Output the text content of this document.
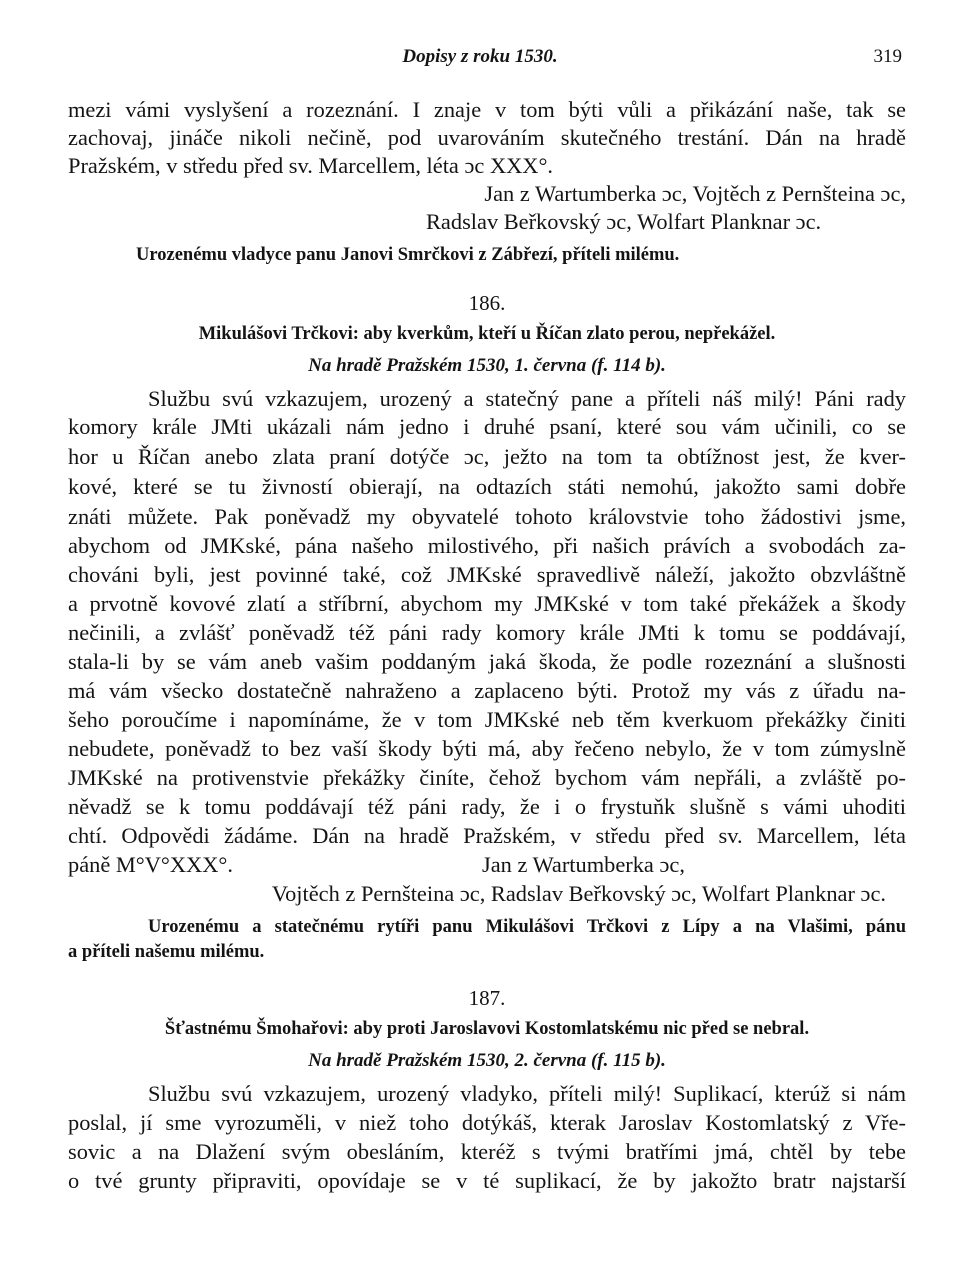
Dopisy z roku 1530.	319
mezi vámi vyslyšení a rozeznání. I znaje v tom býti vůli a přikázání naše, tak se
zachovaj, jináče nikoli nečině, pod uvarováním skutečného trestání. Dán na hradě
Pražském, v středu před sv. Marcellem, léta ɔc XXX°.
Jan z Wartumberka ɔc, Vojtěch z Pernšteina ɔc,
Radslav Beřkovský ɔc, Wolfart Planknar ɔc.
Urozenému vladyce panu Janovi Smrčkovi z Zábřezí, příteli milému.
186.
Mikulášovi Trčkovi: aby kverkům, kteří u Říčan zlato perou, nepřekážel.
Na hradě Pražském 1530, 1. června (f. 114 b).
Službu svú vzkazujem, urozený a statečný pane a příteli náš milý! Páni rady
komory krále JMti ukázali nám jedno i druhé psaní, které sou vám učinili, co se
hor u Říčan anebo zlata praní dotýče ɔc, ježto na tom ta obtížnost jest, že kver-
kové, které se tu živností obierají, na odtazích státi nemohú, jakožto sami dobře
znáti můžete. Pak poněvadž my obyvatelé tohoto královstvie toho žádostivi jsme,
abychom od JMKské, pána našeho milostivého, při našich právích a svobodách za-
chováni byli, jest povinné také, což JMKské spravedlivě náleží, jakožto obzvláštně
a prvotně kovové zlatí a stříbrní, abychom my JMKské v tom také překážek a škody
nečinili, a zvlášť poněvadž též páni rady komory krále JMti k tomu se poddávají,
stala-li by se vám aneb vašim poddaným jaká škoda, že podle rozeznání a slušnosti
má vám všecko dostatečně nahraženo a zaplaceno býti. Protož my vás z úřadu na-
šeho poroučíme i napomínáme, že v tom JMKské neb těm kverkuom překážky činiti
nebudete, poněvadž to bez vaší škody býti má, aby řečeno nebylo, že v tom zúmyslně
JMKské na protivenstvie překážky činíte, čehož bychom vám nepřáli, a zvláště po-
něvadž se k tomu poddávají též páni rady, že i o frystuňk slušně s vámi uhoditi
chtí. Odpovědi žádáme. Dán na hradě Pražském, v středu před sv. Marcellem, léta
páně M°V°XXX°.	Jan z Wartumberka ɔc,
Vojtěch z Pernšteina ɔc, Radslav Beřkovský ɔc, Wolfart Planknar ɔc.
Urozenému a statečnému rytíři panu Mikulášovi Trčkovi z Lípy a na Vlašimi, pánu
a příteli našemu milému.
187.
Šťastnému Šmohařovi: aby proti Jaroslavovi Kostomlatskému nic před se nebral.
Na hradě Pražském 1530, 2. června (f. 115 b).
Službu svú vzkazujem, urozený vladyko, příteli milý! Suplikací, kterúž si nám
poslal, jí sme vyrozuměli, v niež toho dotýkáš, kterak Jaroslav Kostomlatský z Vře-
sovic a na Dlažení svým obesláním, kteréž s tvými bratřími jmá, chtěl by tebe
o tvé grunty připraviti, opovídaje se v té suplikací, že by jakožto bratr najstarší
